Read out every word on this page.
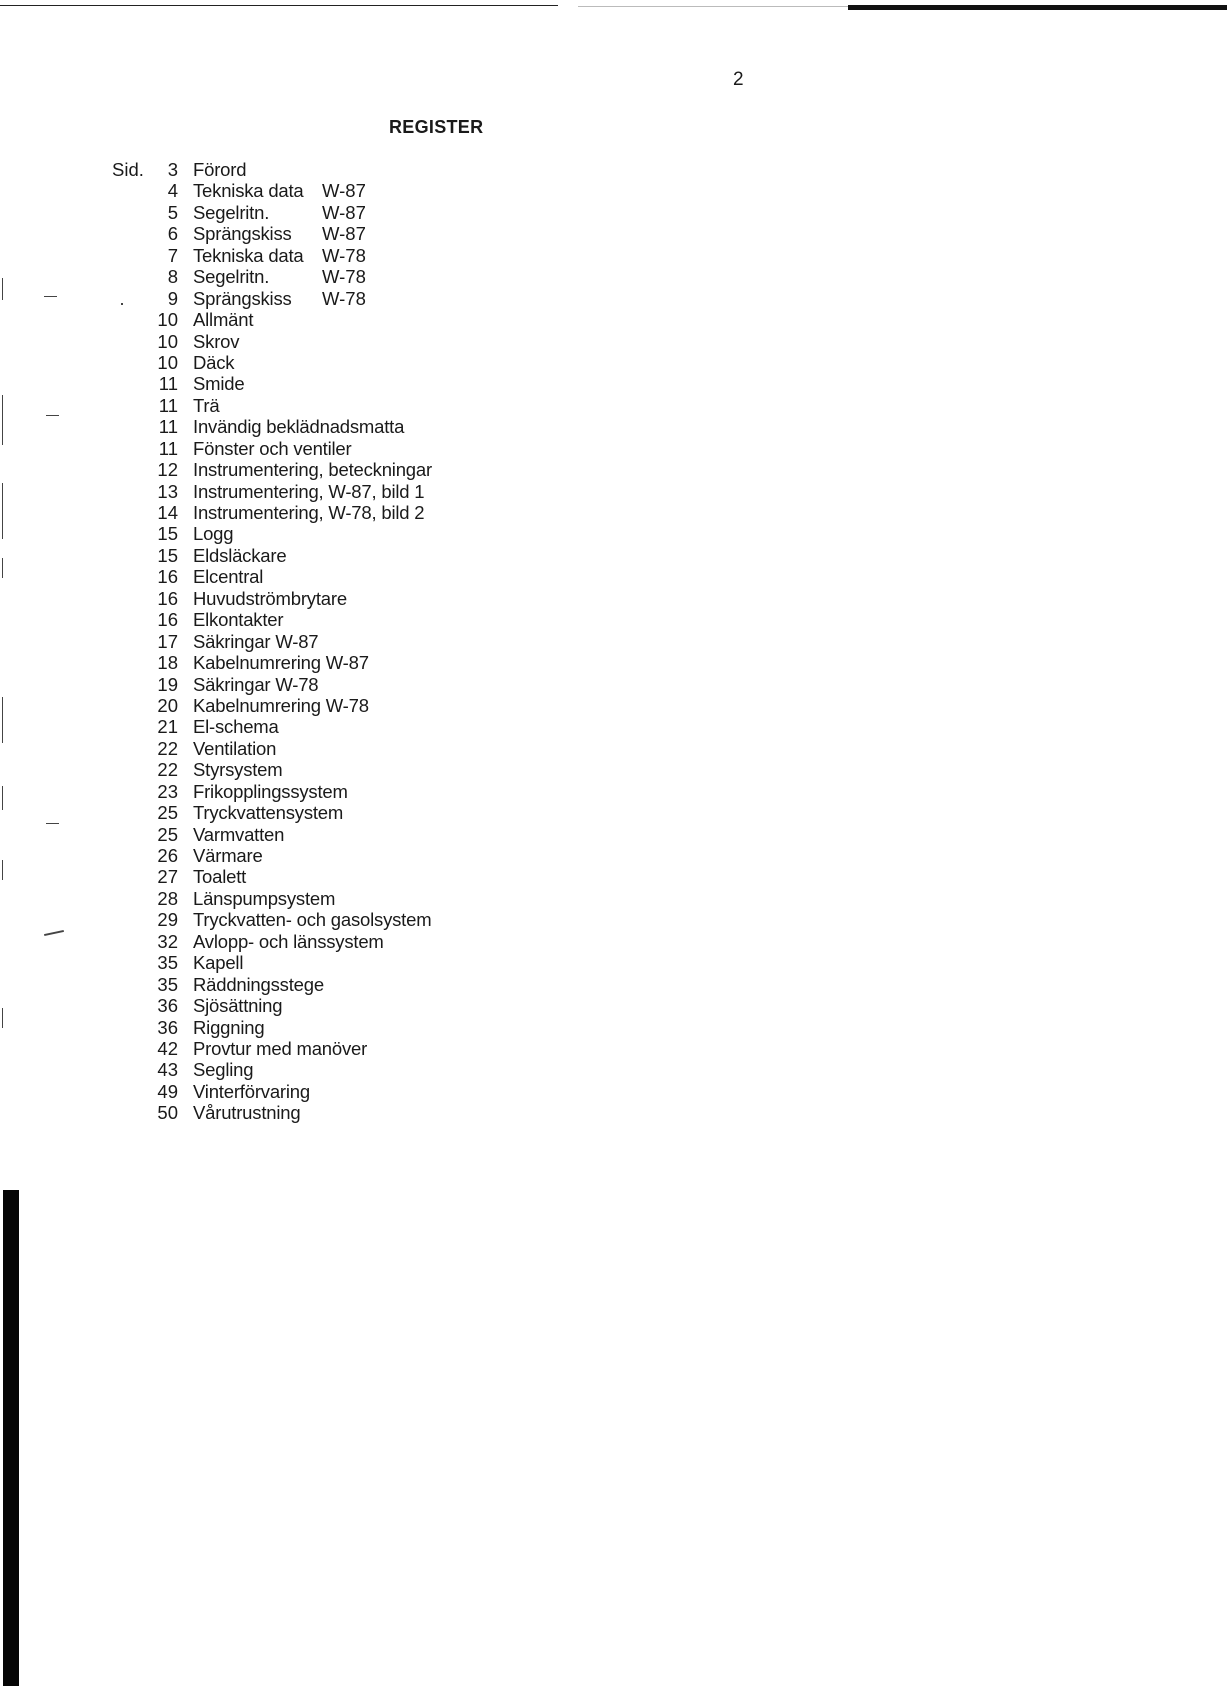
2
REGISTER
Sid.	3 Förord
4 Tekniska data W-87
5 Segelritn.	W-87
6 Sprängskiss	W-87
7 Tekniska data W-78
8 Segelritn.	W-78
9 Sprängskiss	W-78
10 Allmänt
10 Skrov
10 Däck
11 Smide
11 Trä
11 Invändig beklädnadsmatta
11 Fönster och ventiler
12 Instrumentering, beteckningar
13 Instrumentering, W-87, bild 1
14 Instrumentering, W-78, bild 2
15 Logg
15 Eldsläckare
16 Elcentral
16 Huvudströmbrytare
16 Elkontakter
17 Säkringar W-87
18 Kabelnumrering W-87
19 Säkringar W-78
20 Kabelnumrering W-78
21 El-schema
22 Ventilation
22 Styrsystem
23 Frikopplingssystem
25 Tryckvattensystem
25 Varmvatten
26 Värmare
27 Toalett
28 Länspumpsystem
29 Tryckvatten- och gasolsystem
32 Avlopp- och länssystem
35 Kapell
35 Räddningsstege
36 Sjösättning
36 Riggning
42 Provtur med manöver
43 Segling
49 Vinterförvaring
50 Vårutrustning
